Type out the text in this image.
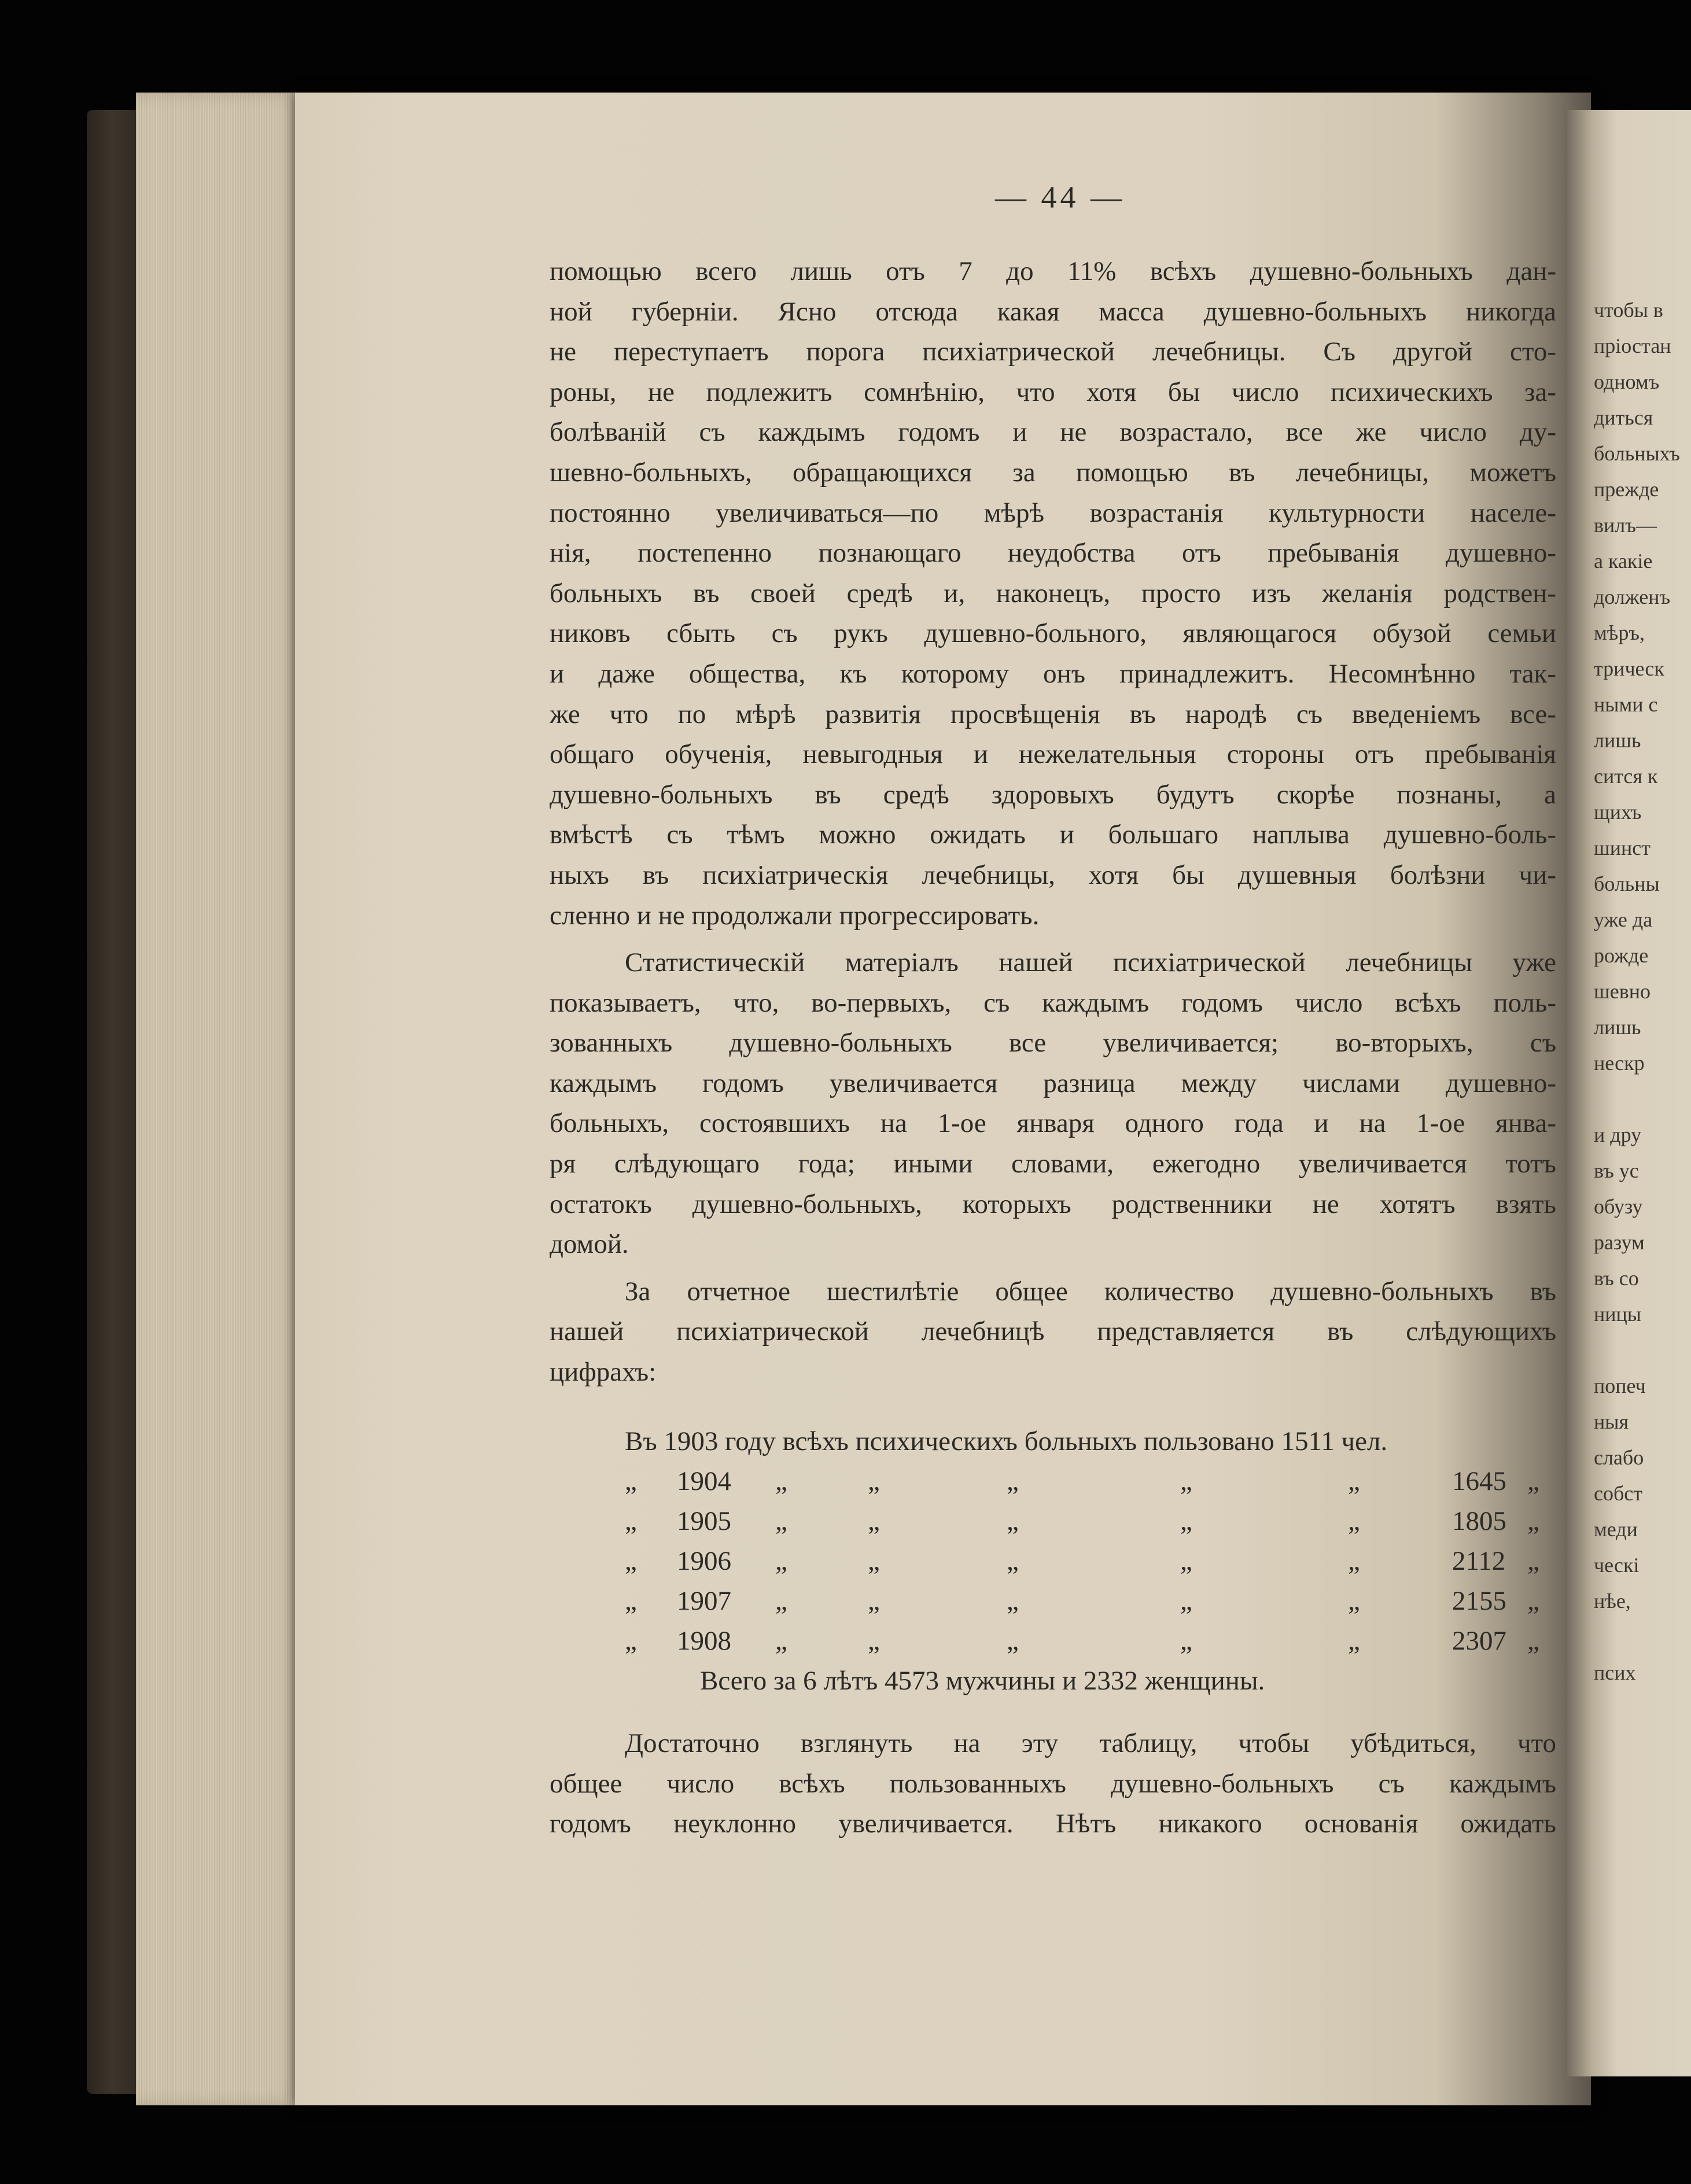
— 44 —
помощью всего лишь отъ 7 до 11% всѣхъ душевно-больныхъ дан-
ной губерніи. Ясно отсюда какая масса душевно-больныхъ никогда
не переступаетъ порога психіатрической лечебницы. Съ другой сто-
роны, не подлежитъ сомнѣнію, что хотя бы число психическихъ за-
болѣваній съ каждымъ годомъ и не возрастало, все же число ду-
шевно-больныхъ, обращающихся за помощью въ лечебницы, можетъ
постоянно увеличиваться—по мѣрѣ возрастанія культурности населе-
нія, постепенно познающаго неудобства отъ пребыванія душевно-
больныхъ въ своей средѣ и, наконецъ, просто изъ желанія родствен-
никовъ сбыть съ рукъ душевно-больного, являющагося обузой семьи
и даже общества, къ которому онъ принадлежитъ. Несомнѣнно так-
же что по мѣрѣ развитія просвѣщенія въ народѣ съ введеніемъ все-
общаго обученія, невыгодныя и нежелательныя стороны отъ пребыванія
душевно-больныхъ въ средѣ здоровыхъ будутъ скорѣе познаны, а
вмѣстѣ съ тѣмъ можно ожидать и большаго наплыва душевно-боль-
ныхъ въ психіатрическія лечебницы, хотя бы душевныя болѣзни чи-
сленно и не продолжали прогрессировать.
Статистическій матеріалъ нашей психіатрической лечебницы уже
показываетъ, что, во-первыхъ, съ каждымъ годомъ число всѣхъ поль-
зованныхъ душевно-больныхъ все увеличивается; во-вторыхъ, съ
каждымъ годомъ увеличивается разница между числами душевно-
больныхъ, состоявшихъ на 1-ое января одного года и на 1-ое янва-
ря слѣдующаго года; иными словами, ежегодно увеличивается тотъ
остатокъ душевно-больныхъ, которыхъ родственники не хотятъ взять
домой.
За отчетное шестилѣтіе общее количество душевно-больныхъ въ
нашей психіатрической лечебницѣ представляется въ слѣдующихъ
цифрахъ:
Въ 1903 году всѣхъ психическихъ больныхъ пользовано 1511 чел.
„ 1904 „	„	„	„	„	1645 „
„ 1905 „	„	„	„	„	1805 „
„ 1906 „	„	„	„	„	2112 „
„ 1907 „	„	„	„	„	2155 „
„ 1908 „	„	„	„	„	2307 „
Всего за 6 лѣтъ 4573 мужчины и 2332 женщины.
Достаточно взглянуть на эту таблицу, чтобы убѣдиться, что
общее число всѣхъ пользованныхъ душевно-больныхъ съ каждымъ
годомъ неуклонно увеличивается. Нѣтъ никакого основанія ожидать
чтобы в
пріостан
одномъ
диться
больныхъ
прежде
вилъ—
а какіе
долженъ
мѣръ,
трическ
ными с
лишь
сится к
щихъ
шинст
больны
уже да
рожде
шевно
лишь
нескр
и дру
въ ус
обузу
разум
въ со
ницы
попеч
ныя
слабо
собст
меди
ческі
нѣе,
псих
